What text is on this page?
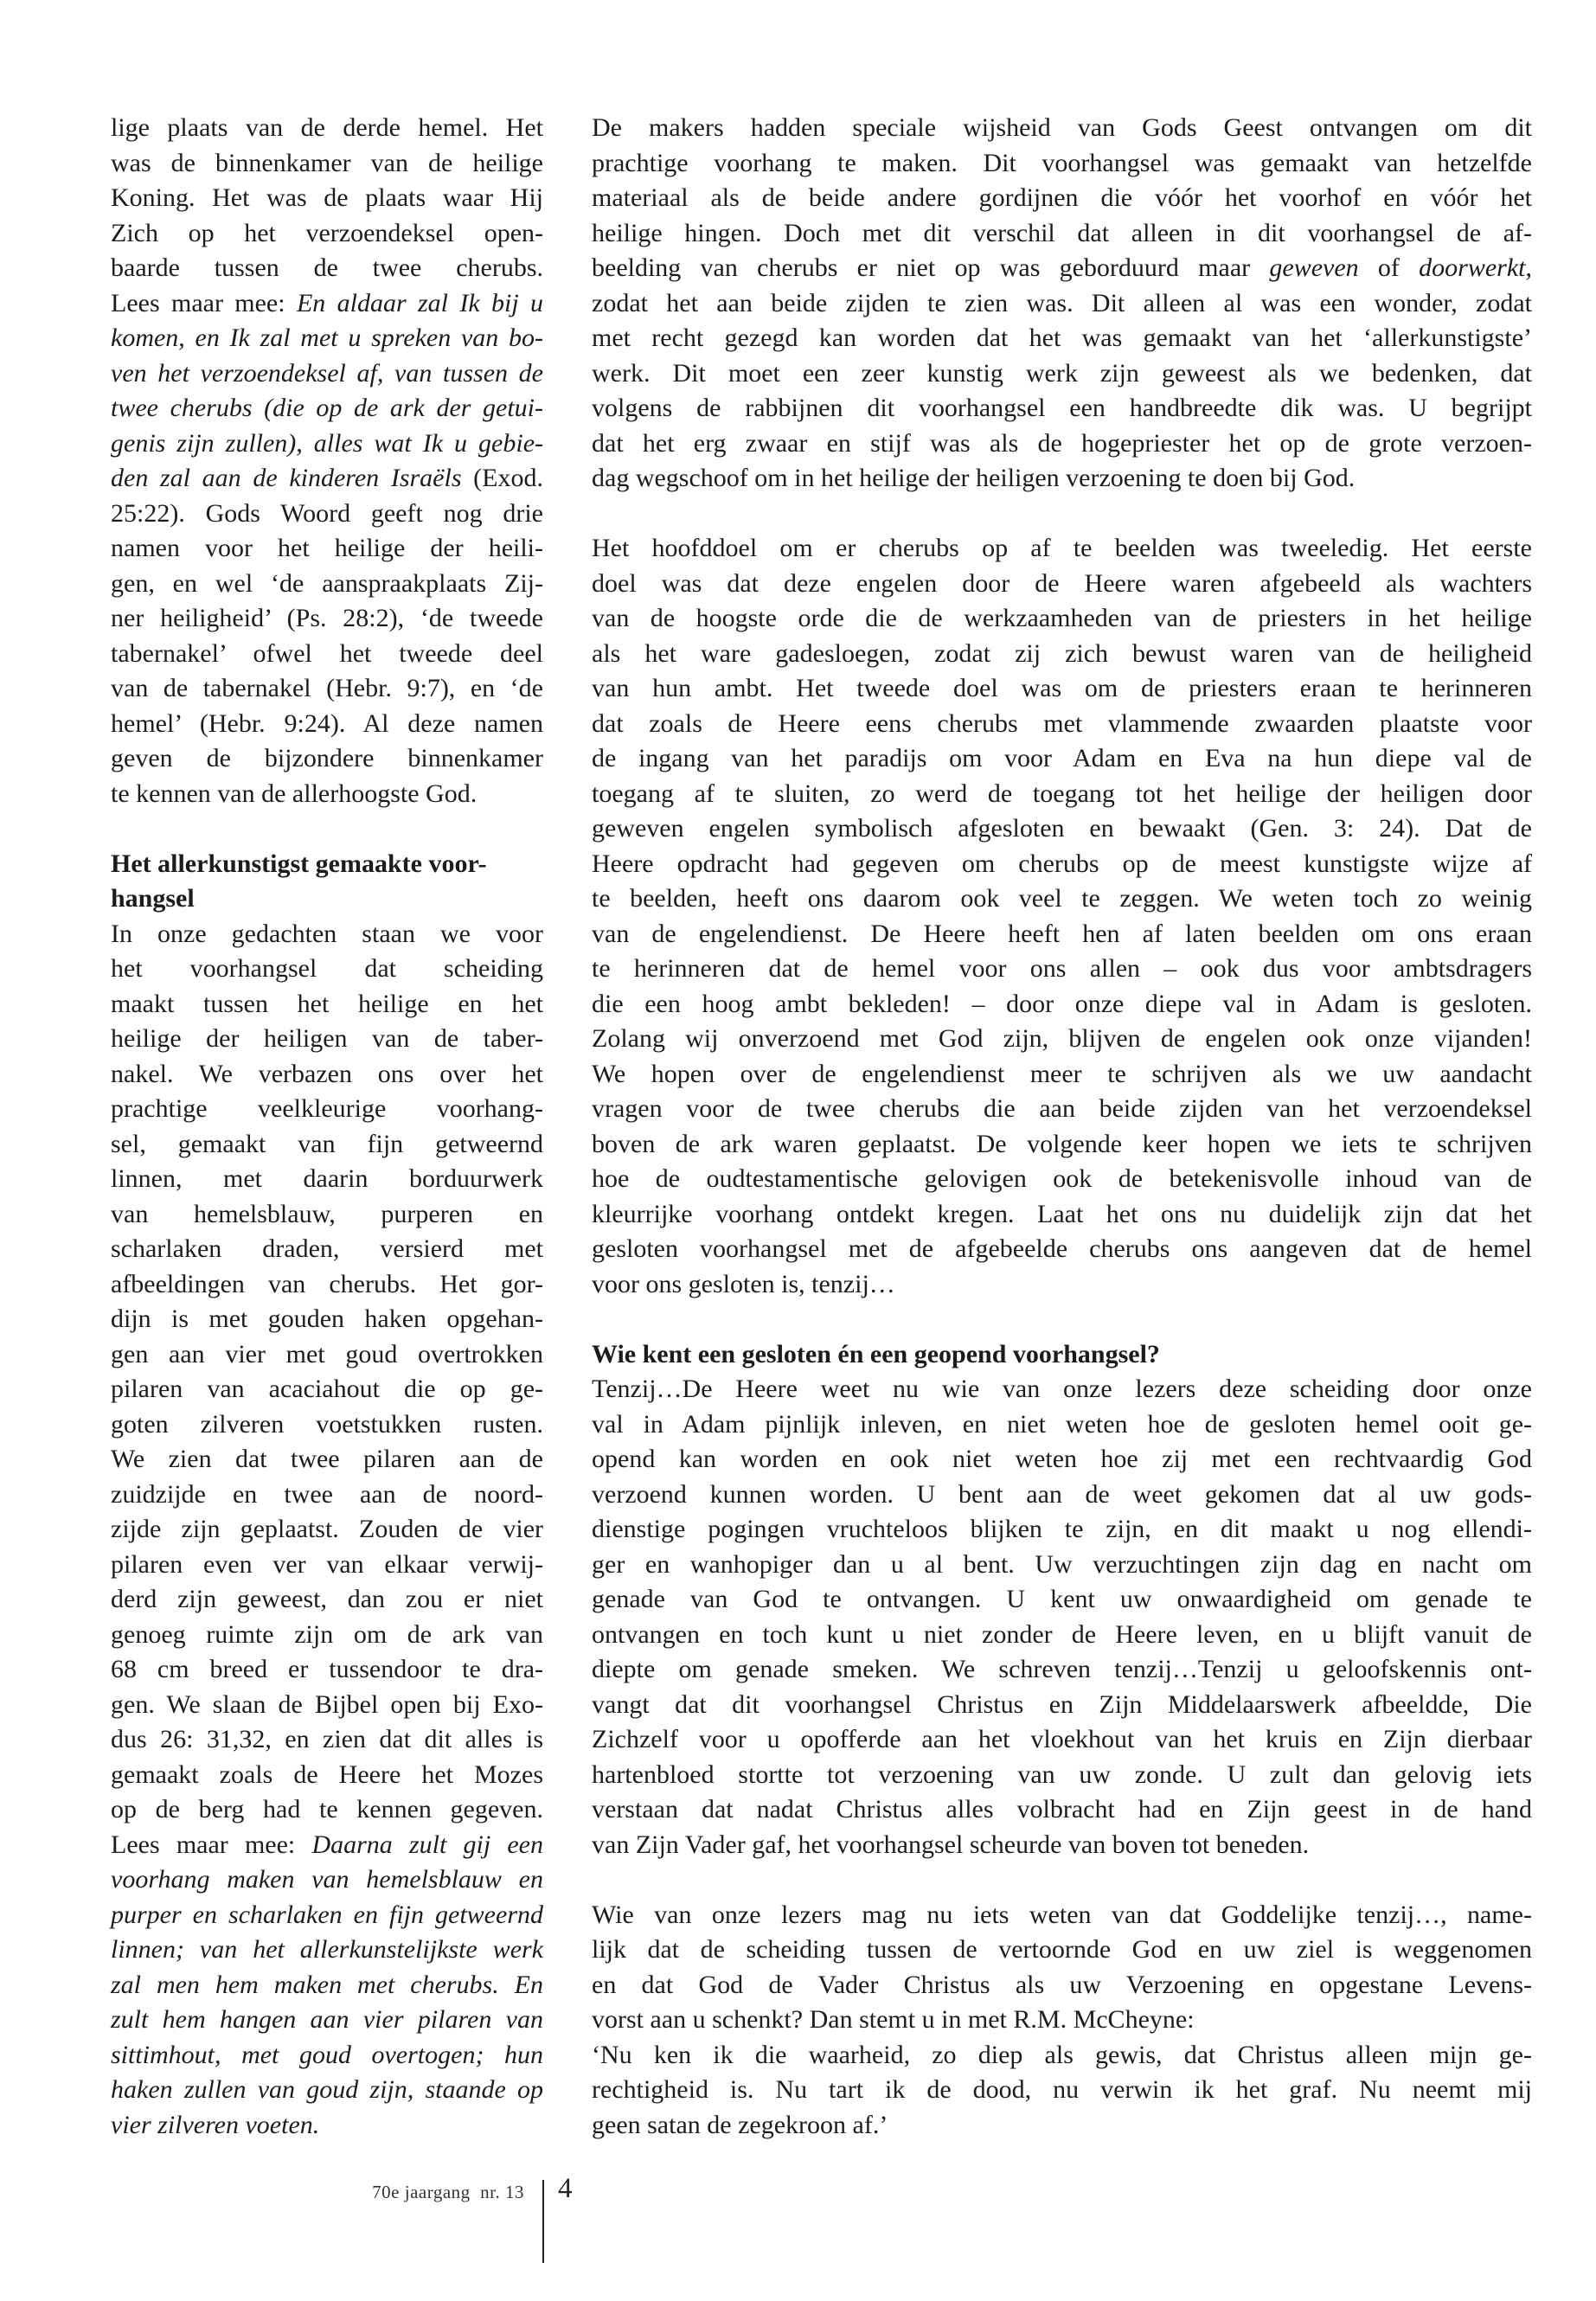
lige plaats van de derde hemel. Het
was de binnenkamer van de heilige
Koning. Het was de plaats waar Hij
Zich op het verzoendeksel open-
baarde tussen de twee cherubs.
Lees maar mee: En aldaar zal Ik bij u
komen, en Ik zal met u spreken van bo-
ven het verzoendeksel af, van tussen de
twee cherubs (die op de ark der getui-
genis zijn zullen), alles wat Ik u gebie-
den zal aan de kinderen Israëls (Exod.
25:22). Gods Woord geeft nog drie
namen voor het heilige der heili-
gen, en wel ‘de aanspraakplaats Zij-
ner heiligheid’ (Ps. 28:2), ‘de tweede
tabernakel’ ofwel het tweede deel
van de tabernakel (Hebr. 9:7), en ‘de
hemel’ (Hebr. 9:24). Al deze namen
geven de bijzondere binnenkamer
te kennen van de allerhoogste God.
Het allerkunstigst gemaakte voor-
hangsel
In onze gedachten staan we voor
het voorhangsel dat scheiding
maakt tussen het heilige en het
heilige der heiligen van de taber-
nakel. We verbazen ons over het
prachtige veelkleurige voorhang-
sel, gemaakt van fijn getweernd
linnen, met daarin borduurwerk
van hemelsblauw, purperen en
scharlaken draden, versierd met
afbeeldingen van cherubs. Het gor-
dijn is met gouden haken opgehan-
gen aan vier met goud overtrokken
pilaren van acaciahout die op ge-
goten zilveren voetstukken rusten.
We zien dat twee pilaren aan de
zuidzijde en twee aan de noord-
zijde zijn geplaatst. Zouden de vier
pilaren even ver van elkaar verwij-
derd zijn geweest, dan zou er niet
genoeg ruimte zijn om de ark van
68 cm breed er tussendoor te dra-
gen. We slaan de Bijbel open bij Exo-
dus 26: 31,32, en zien dat dit alles is
gemaakt zoals de Heere het Mozes
op de berg had te kennen gegeven.
Lees maar mee: Daarna zult gij een
voorhang maken van hemelsblauw en
purper en scharlaken en fijn getweernd
linnen; van het allerkunstelijkste werk
zal men hem maken met cherubs. En
zult hem hangen aan vier pilaren van
sittimhout, met goud overtogen; hun
haken zullen van goud zijn, staande op
vier zilveren voeten.
De makers hadden speciale wijsheid van Gods Geest ontvangen om dit
prachtige voorhang te maken. Dit voorhangsel was gemaakt van hetzelfde
materiaal als de beide andere gordijnen die vóór het voorhof en vóór het
heilige hingen. Doch met dit verschil dat alleen in dit voorhangsel de af-
beelding van cherubs er niet op was geborduurd maar geweven of doorwerkt,
zodat het aan beide zijden te zien was. Dit alleen al was een wonder, zodat
met recht gezegd kan worden dat het was gemaakt van het ‘allerkunstigste’
werk. Dit moet een zeer kunstig werk zijn geweest als we bedenken, dat
volgens de rabbijnen dit voorhangsel een handbreedte dik was. U begrijpt
dat het erg zwaar en stijf was als de hogepriester het op de grote verzoen-
dag wegschoof om in het heilige der heiligen verzoening te doen bij God.
Het hoofddoel om er cherubs op af te beelden was tweeledig. Het eerste
doel was dat deze engelen door de Heere waren afgebeeld als wachters
van de hoogste orde die de werkzaamheden van de priesters in het heilige
als het ware gadesloegen, zodat zij zich bewust waren van de heiligheid
van hun ambt. Het tweede doel was om de priesters eraan te herinneren
dat zoals de Heere eens cherubs met vlammende zwaarden plaatste voor
de ingang van het paradijs om voor Adam en Eva na hun diepe val de
toegang af te sluiten, zo werd de toegang tot het heilige der heiligen door
geweven engelen symbolisch afgesloten en bewaakt (Gen. 3: 24). Dat de
Heere opdracht had gegeven om cherubs op de meest kunstigste wijze af
te beelden, heeft ons daarom ook veel te zeggen. We weten toch zo weinig
van de engelendienst. De Heere heeft hen af laten beelden om ons eraan
te herinneren dat de hemel voor ons allen – ook dus voor ambtsdragers
die een hoog ambt bekleden! – door onze diepe val in Adam is gesloten.
Zolang wij onverzoend met God zijn, blijven de engelen ook onze vijanden!
We hopen over de engelendienst meer te schrijven als we uw aandacht
vragen voor de twee cherubs die aan beide zijden van het verzoendeksel
boven de ark waren geplaatst. De volgende keer hopen we iets te schrijven
hoe de oudtestamentische gelovigen ook de betekenisvolle inhoud van de
kleurrijke voorhang ontdekt kregen. Laat het ons nu duidelijk zijn dat het
gesloten voorhangsel met de afgebeelde cherubs ons aangeven dat de hemel
voor ons gesloten is, tenzij…
Wie kent een gesloten én een geopend voorhangsel?
Tenzij…De Heere weet nu wie van onze lezers deze scheiding door onze
val in Adam pijnlijk inleven, en niet weten hoe de gesloten hemel ooit ge-
opend kan worden en ook niet weten hoe zij met een rechtvaardig God
verzoend kunnen worden. U bent aan de weet gekomen dat al uw gods-
dienstige pogingen vruchteloos blijken te zijn, en dit maakt u nog ellendi-
ger en wanhopiger dan u al bent. Uw verzuchtingen zijn dag en nacht om
genade van God te ontvangen. U kent uw onwaardigheid om genade te
ontvangen en toch kunt u niet zonder de Heere leven, en u blijft vanuit de
diepte om genade smeken. We schreven tenzij…Tenzij u geloofskennis ont-
vangt dat dit voorhangsel Christus en Zijn Middelaarswerk afbeeldde, Die
Zichzelf voor u opofferde aan het vloekhout van het kruis en Zijn dierbaar
hartenbloed stortte tot verzoening van uw zonde. U zult dan gelovig iets
verstaan dat nadat Christus alles volbracht had en Zijn geest in de hand
van Zijn Vader gaf, het voorhangsel scheurde van boven tot beneden.
Wie van onze lezers mag nu iets weten van dat Goddelijke tenzij…, name-
lijk dat de scheiding tussen de vertoornde God en uw ziel is weggenomen
en dat God de Vader Christus als uw Verzoening en opgestane Levens-
vorst aan u schenkt? Dan stemt u in met R.M. McCheyne:
‘Nu ken ik die waarheid, zo diep als gewis, dat Christus alleen mijn ge-
rechtigheid is. Nu tart ik de dood, nu verwin ik het graf. Nu neemt mij
geen satan de zegekroon af.’
70e jaargang  nr. 13 4
